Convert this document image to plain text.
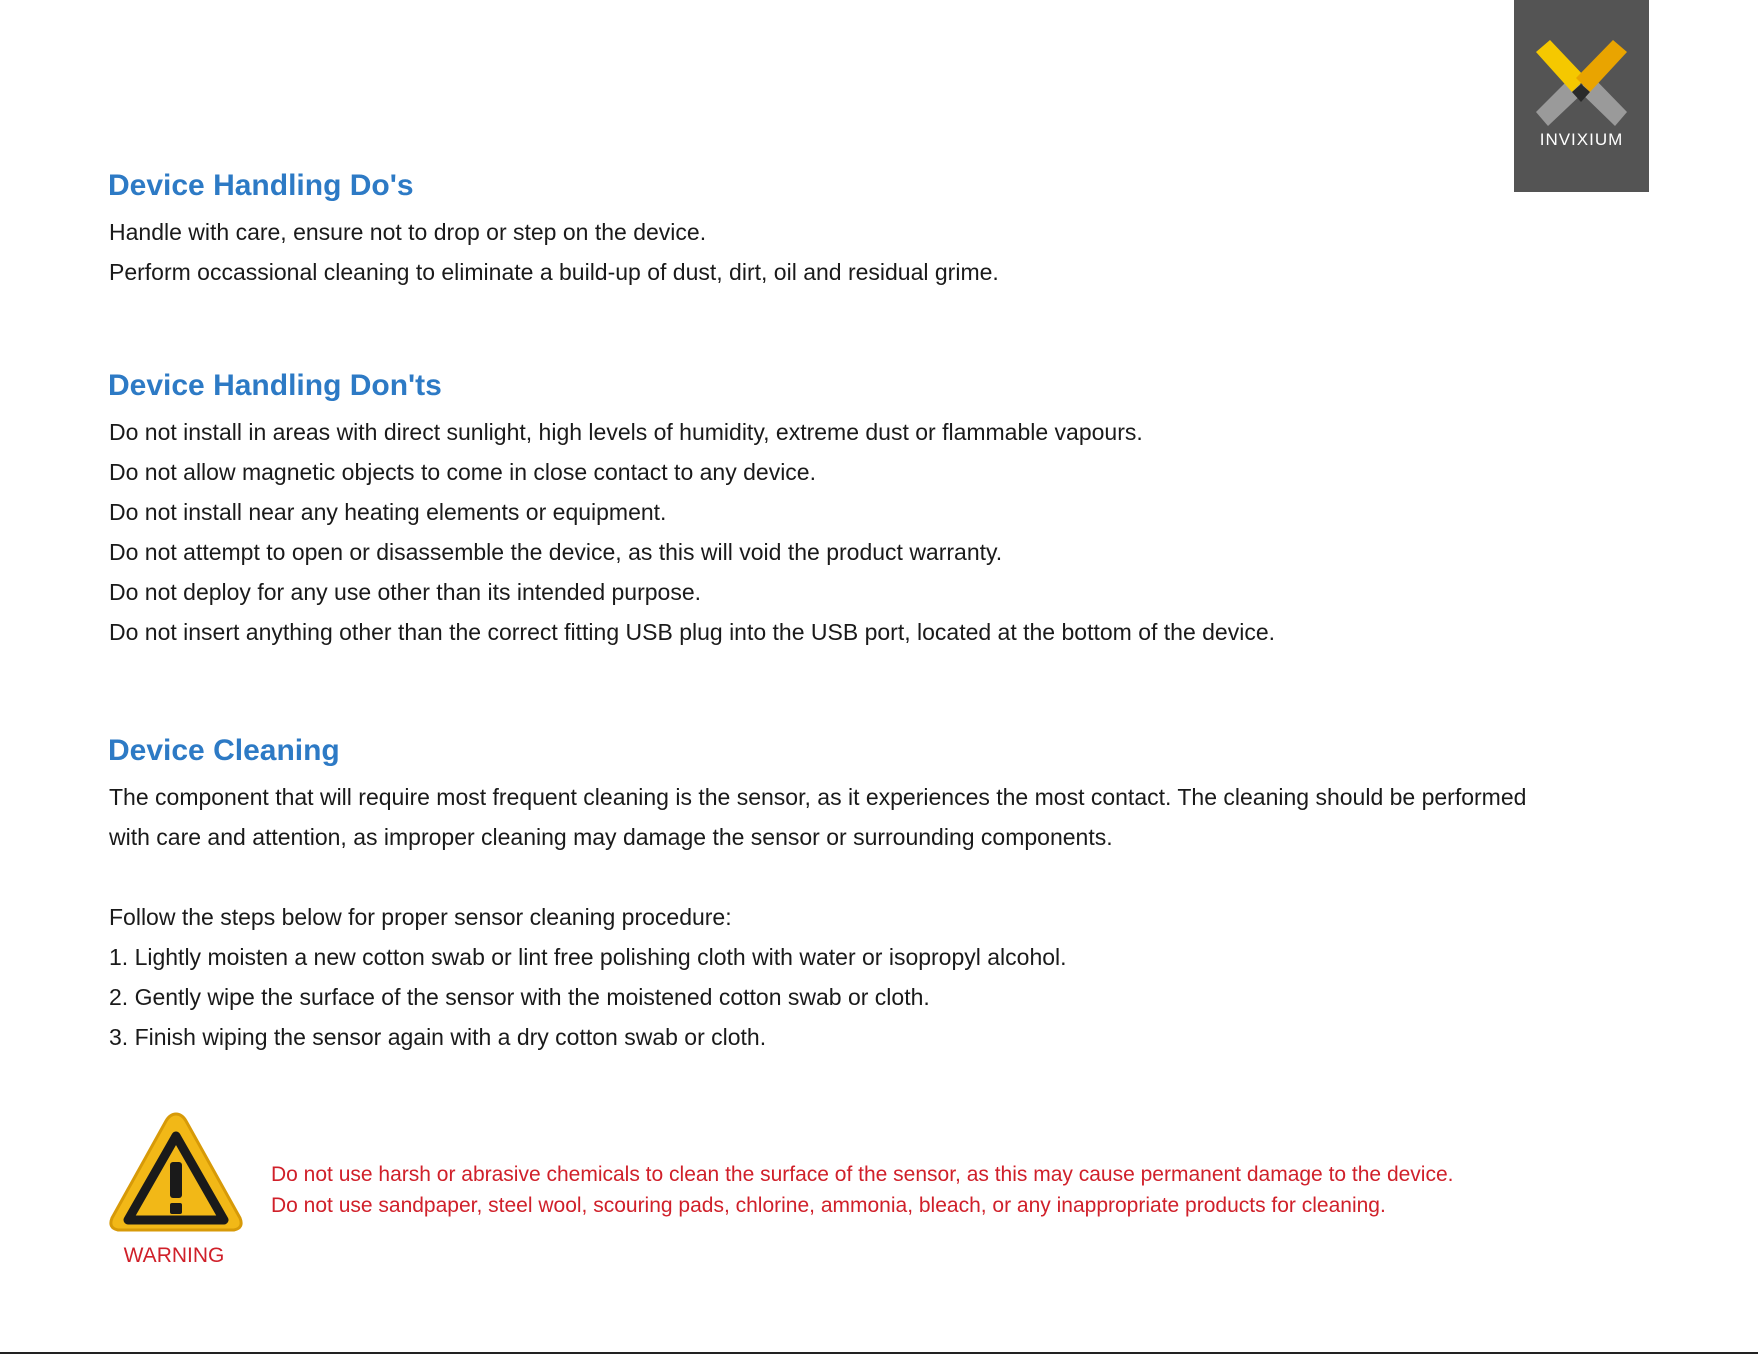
INVIXIUM
Device Handling Do's
Handle with care, ensure not to drop or step on the device.
Perform occassional cleaning to eliminate a build-up of dust, dirt, oil and residual grime.
Device Handling Don'ts
Do not install in areas with direct sunlight, high levels of humidity, extreme dust or flammable vapours.
Do not allow magnetic objects to come in close contact to any device.
Do not install near any heating elements or equipment.
Do not attempt to open or disassemble the device, as this will void the product warranty.
Do not deploy for any use other than its intended purpose.
Do not insert anything other than the correct fitting USB plug into the USB port, located at the bottom of the device.
Device Cleaning

The component that will require most frequent cleaning is the sensor, as it experiences the most contact. The cleaning should be performed

with care and attention, as improper cleaning may damage the sensor or surrounding components.

Follow the steps below for proper sensor cleaning procedure:

1. Lightly moisten a new cotton swab or lint free polishing cloth with water or isopropyl alcohol.

2. Gently wipe the surface of the sensor with the moistened cotton swab or cloth.

3. Finish wiping the sensor again with a dry cotton swab or cloth.

WARNING
Do not use harsh or abrasive chemicals to clean the surface of the sensor, as this may cause permanent damage to the device.
Do not use sandpaper, steel wool, scouring pads, chlorine, ammonia, bleach, or any inappropriate products for cleaning.
